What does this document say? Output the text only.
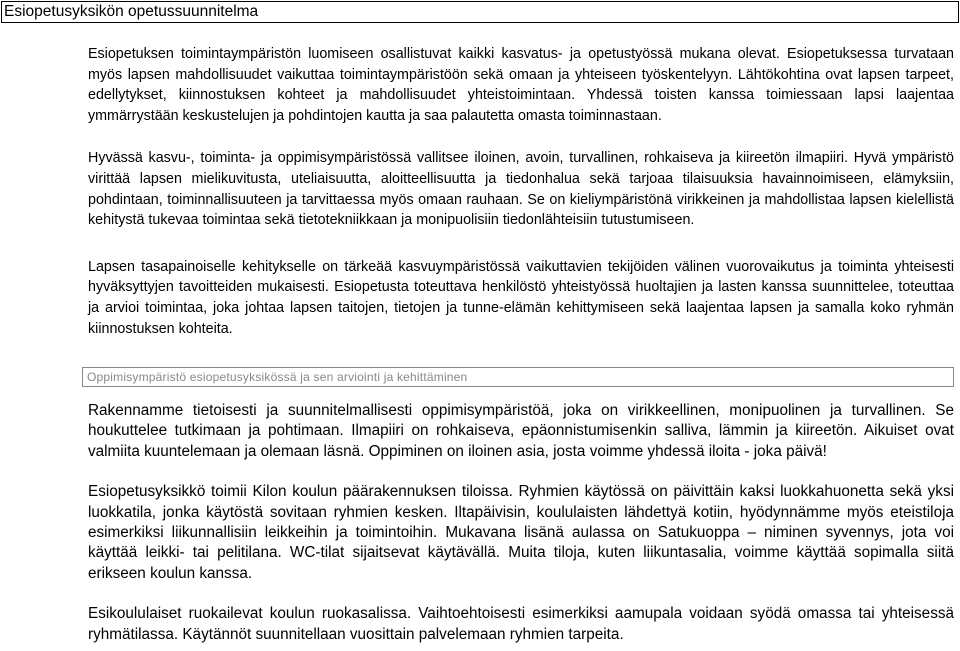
Esiopetusyksikön opetussuunnitelma

Esiopetuksen toimintaympäristön luomiseen osallistuvat kaikki kasvatus- ja opetustyössä mukana olevat. Esiopetuksessa turvataan myös lapsen mahdollisuudet vaikuttaa toimintaympäristöön sekä omaan ja yhteiseen työskentelyyn. Lähtökohtina ovat lapsen tarpeet, edellytykset, kiinnostuksen kohteet ja mahdollisuudet yhteistoimintaan. Yhdessä toisten kanssa toimiessaan lapsi laajentaa ymmärrystään keskustelujen ja pohdintojen kautta ja saa palautetta omasta toiminnastaan.

Hyvässä kasvu-, toiminta- ja oppimisympäristössä vallitsee iloinen, avoin, turvallinen, rohkaiseva ja kiireetön ilmapiiri. Hyvä ympäristö virittää lapsen mielikuvitusta, uteliaisuutta, aloitteellisuutta ja tiedonhalua sekä tarjoaa tilaisuuksia havainnoimiseen, elämyksiin, pohdintaan, toiminnallisuuteen ja tarvittaessa myös omaan rauhaan. Se on kieliympäristönä virikkeinen ja mahdollistaa lapsen kielellistä kehitystä tukevaa toimintaa sekä tietotekniikkaan ja monipuolisiin tiedonlähteisiin tutustumiseen.

Lapsen tasapainoiselle kehitykselle on tärkeää kasvuympäristössä vaikuttavien tekijöiden välinen vuorovaikutus ja toiminta yhteisesti hyväksyttyjen tavoitteiden mukaisesti. Esiopetusta toteuttava henkilöstö yhteistyössä huoltajien ja lasten kanssa suunnittelee, toteuttaa ja arvioi toimintaa, joka johtaa lapsen taitojen, tietojen ja tunne-elämän kehittymiseen sekä laajentaa lapsen ja samalla koko ryhmän kiinnostuksen kohteita.

Oppimisympäristö esiopetusyksikössä ja sen arviointi ja kehittäminen

Rakennamme tietoisesti ja suunnitelmallisesti oppimisympäristöä, joka on virikkeellinen, monipuolinen ja turvallinen. Se houkuttelee tutkimaan ja pohtimaan. Ilmapiiri on rohkaiseva, epäonnistumisenkin salliva, lämmin ja kiireetön. Aikuiset ovat valmiita kuuntelemaan ja olemaan läsnä. Oppiminen on iloinen asia, josta voimme yhdessä iloita - joka päivä!

Esiopetusyksikkö toimii Kilon koulun päärakennuksen tiloissa. Ryhmien käytössä on päivittäin kaksi luokkahuonetta sekä yksi luokkatila, jonka käytöstä sovitaan ryhmien kesken. Iltapäivisin, koululaisten lähdettyä kotiin, hyödynnämme myös eteistiloja esimerkiksi liikunnallisiin leikkeihin ja toimintoihin. Mukavana lisänä aulassa on Satukuoppa – niminen syvennys, jota voi käyttää leikki- tai pelitilana. WC-tilat sijaitsevat käytävällä. Muita tiloja, kuten liikuntasalia, voimme käyttää sopimalla siitä erikseen koulun kanssa.

Esikoululaiset ruokailevat koulun ruokasalissa. Vaihtoehtoisesti esimerkiksi aamupala voidaan syödä omassa tai yhteisessä ryhmätilassa. Käytännöt suunnitellaan vuosittain palvelemaan ryhmien tarpeita.
